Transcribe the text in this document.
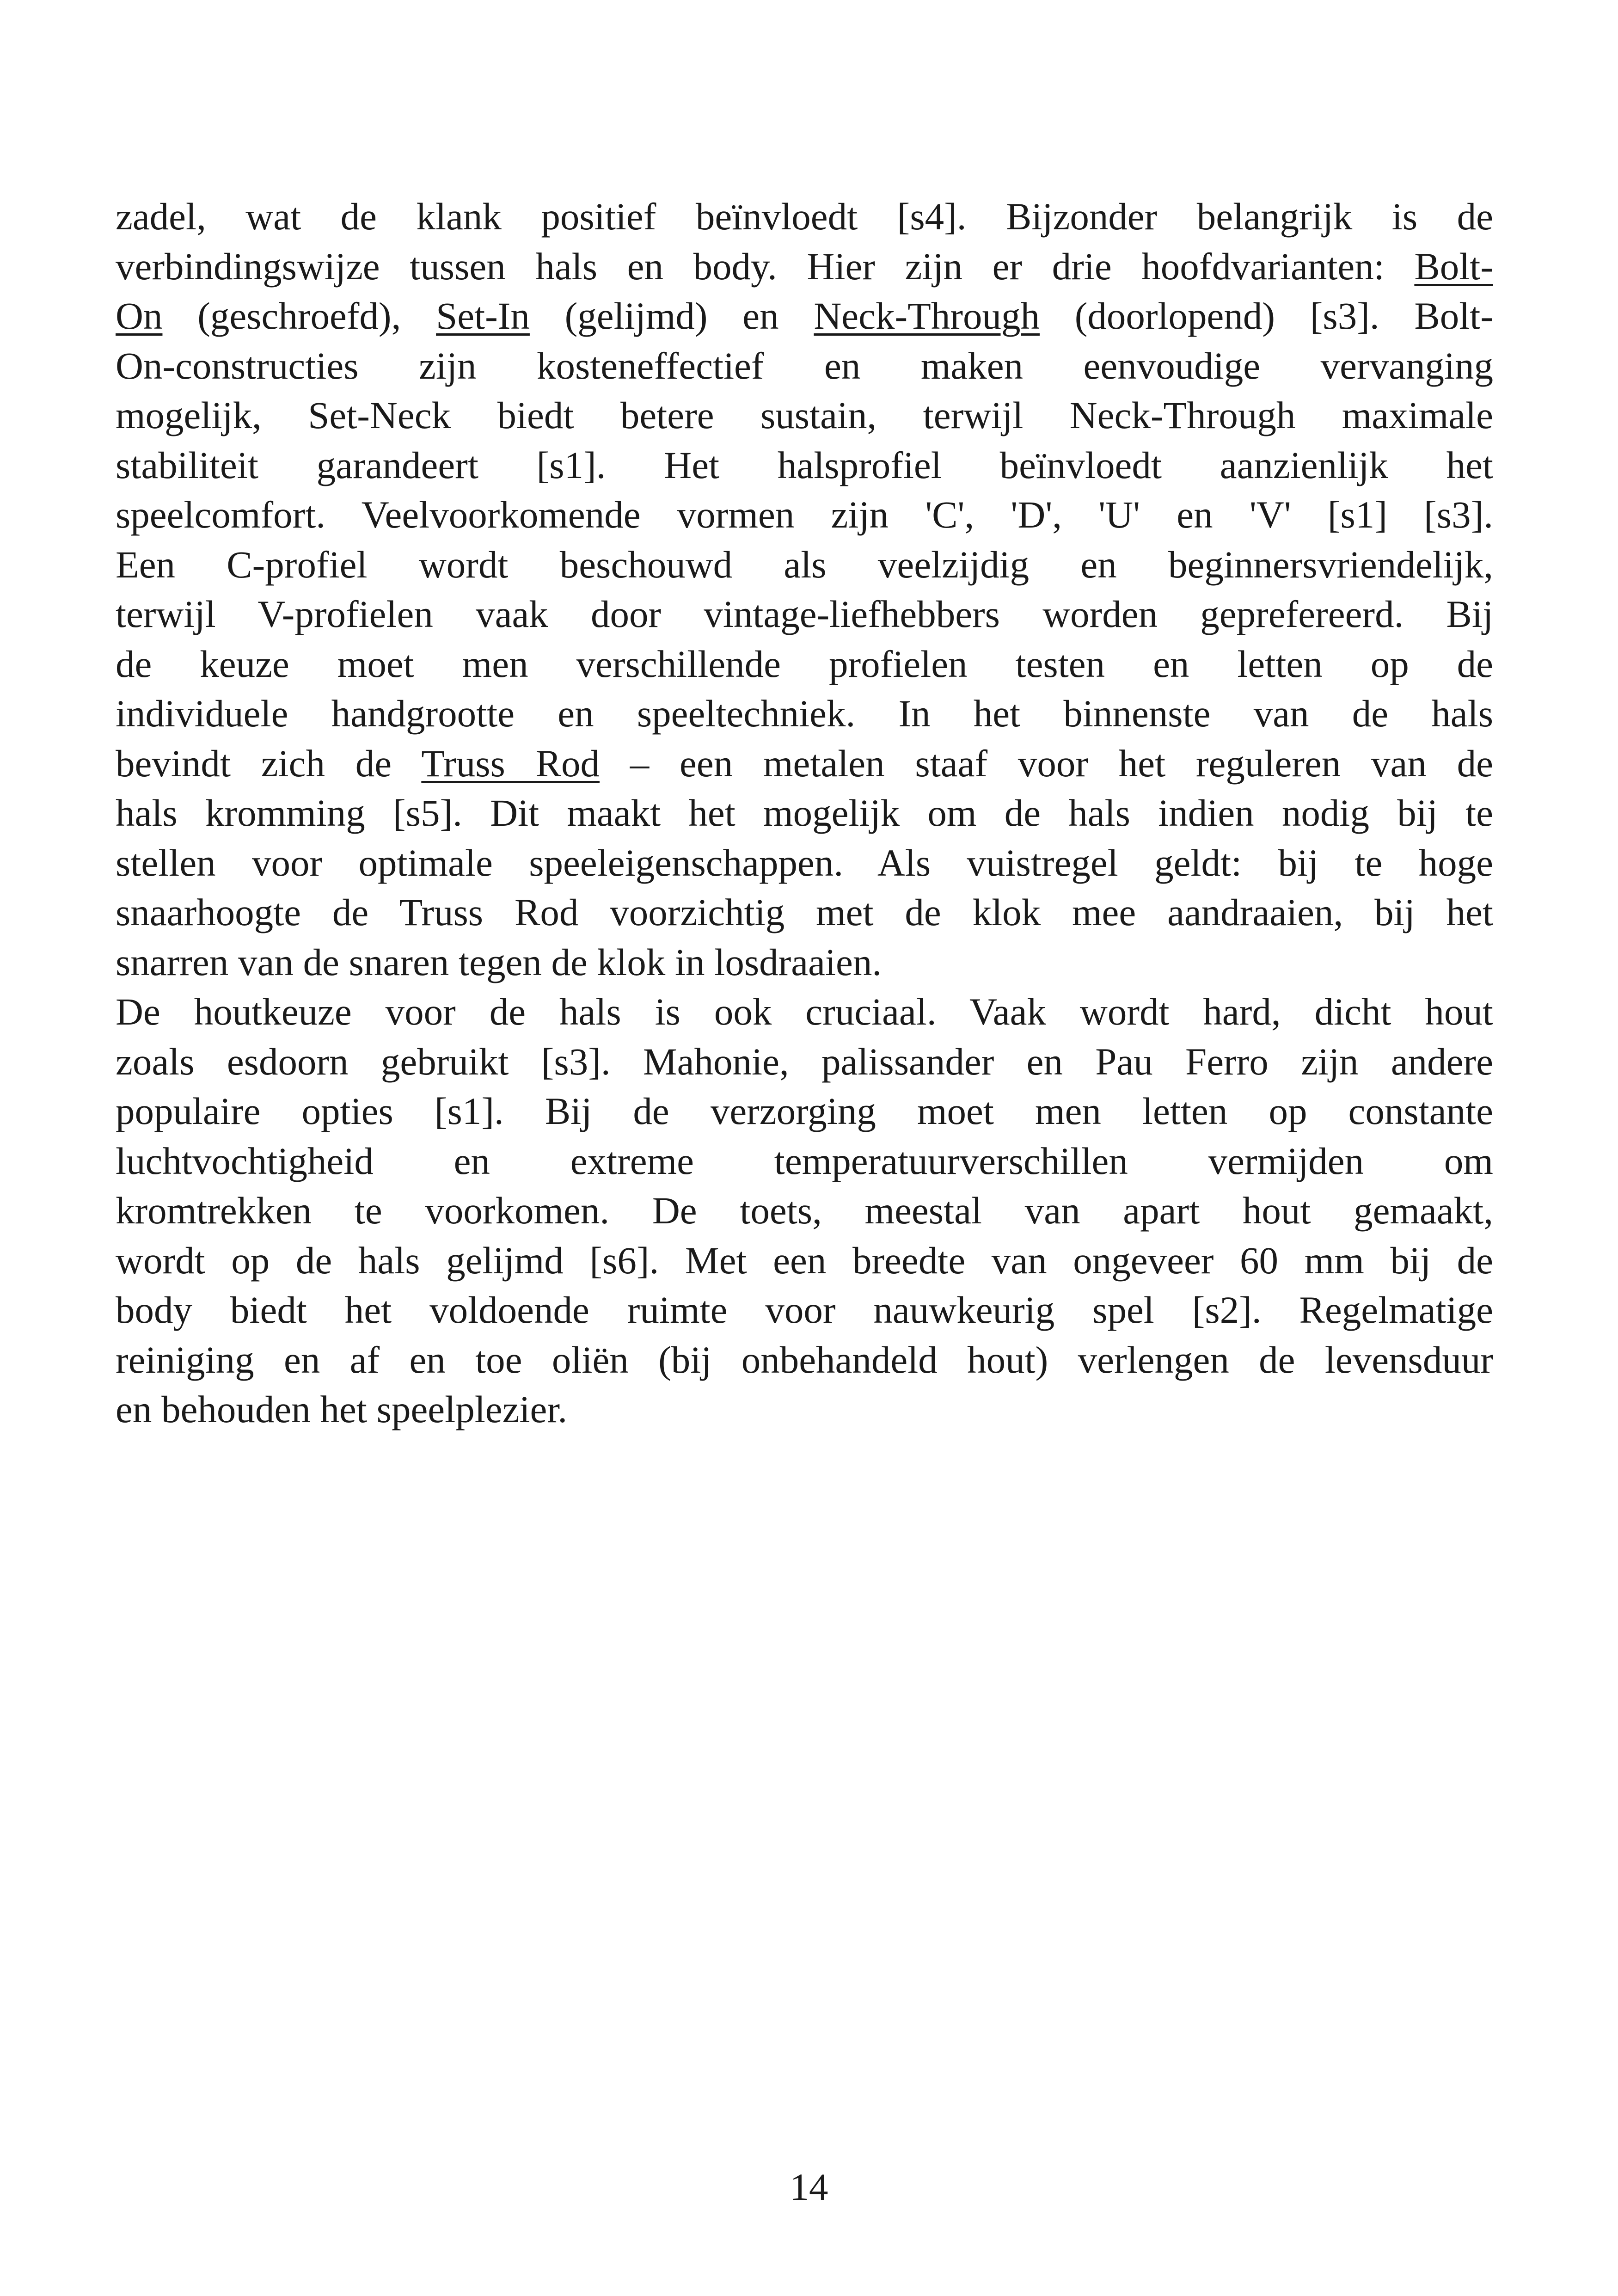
zadel, wat de klank positief beïnvloedt [s4]. Bijzonder belangrijk is de
verbindingswijze tussen hals en body. Hier zijn er drie hoofdvarianten: Bolt-
On (geschroefd), Set-In (gelijmd) en Neck-Through (doorlopend) [s3]. Bolt-
On-constructies zijn kosteneffectief en maken eenvoudige vervanging
mogelijk, Set-Neck biedt betere sustain, terwijl Neck-Through maximale
stabiliteit garandeert [s1]. Het halsprofiel beïnvloedt aanzienlijk het
speelcomfort. Veelvoorkomende vormen zijn 'C', 'D', 'U' en 'V' [s1] [s3].
Een C-profiel wordt beschouwd als veelzijdig en beginnersvriendelijk,
terwijl V-profielen vaak door vintage-liefhebbers worden geprefereerd. Bij
de keuze moet men verschillende profielen testen en letten op de
individuele handgrootte en speeltechniek. In het binnenste van de hals
bevindt zich de Truss Rod – een metalen staaf voor het reguleren van de
hals kromming [s5]. Dit maakt het mogelijk om de hals indien nodig bij te
stellen voor optimale speeleigenschappen. Als vuistregel geldt: bij te hoge
snaarhoogte de Truss Rod voorzichtig met de klok mee aandraaien, bij het
snarren van de snaren tegen de klok in losdraaien.
De houtkeuze voor de hals is ook cruciaal. Vaak wordt hard, dicht hout
zoals esdoorn gebruikt [s3]. Mahonie, palissander en Pau Ferro zijn andere
populaire opties [s1]. Bij de verzorging moet men letten op constante
luchtvochtigheid en extreme temperatuurverschillen vermijden om
kromtrekken te voorkomen. De toets, meestal van apart hout gemaakt,
wordt op de hals gelijmd [s6]. Met een breedte van ongeveer 60 mm bij de
body biedt het voldoende ruimte voor nauwkeurig spel [s2]. Regelmatige
reiniging en af en toe oliën (bij onbehandeld hout) verlengen de levensduur
en behouden het speelplezier.
14
